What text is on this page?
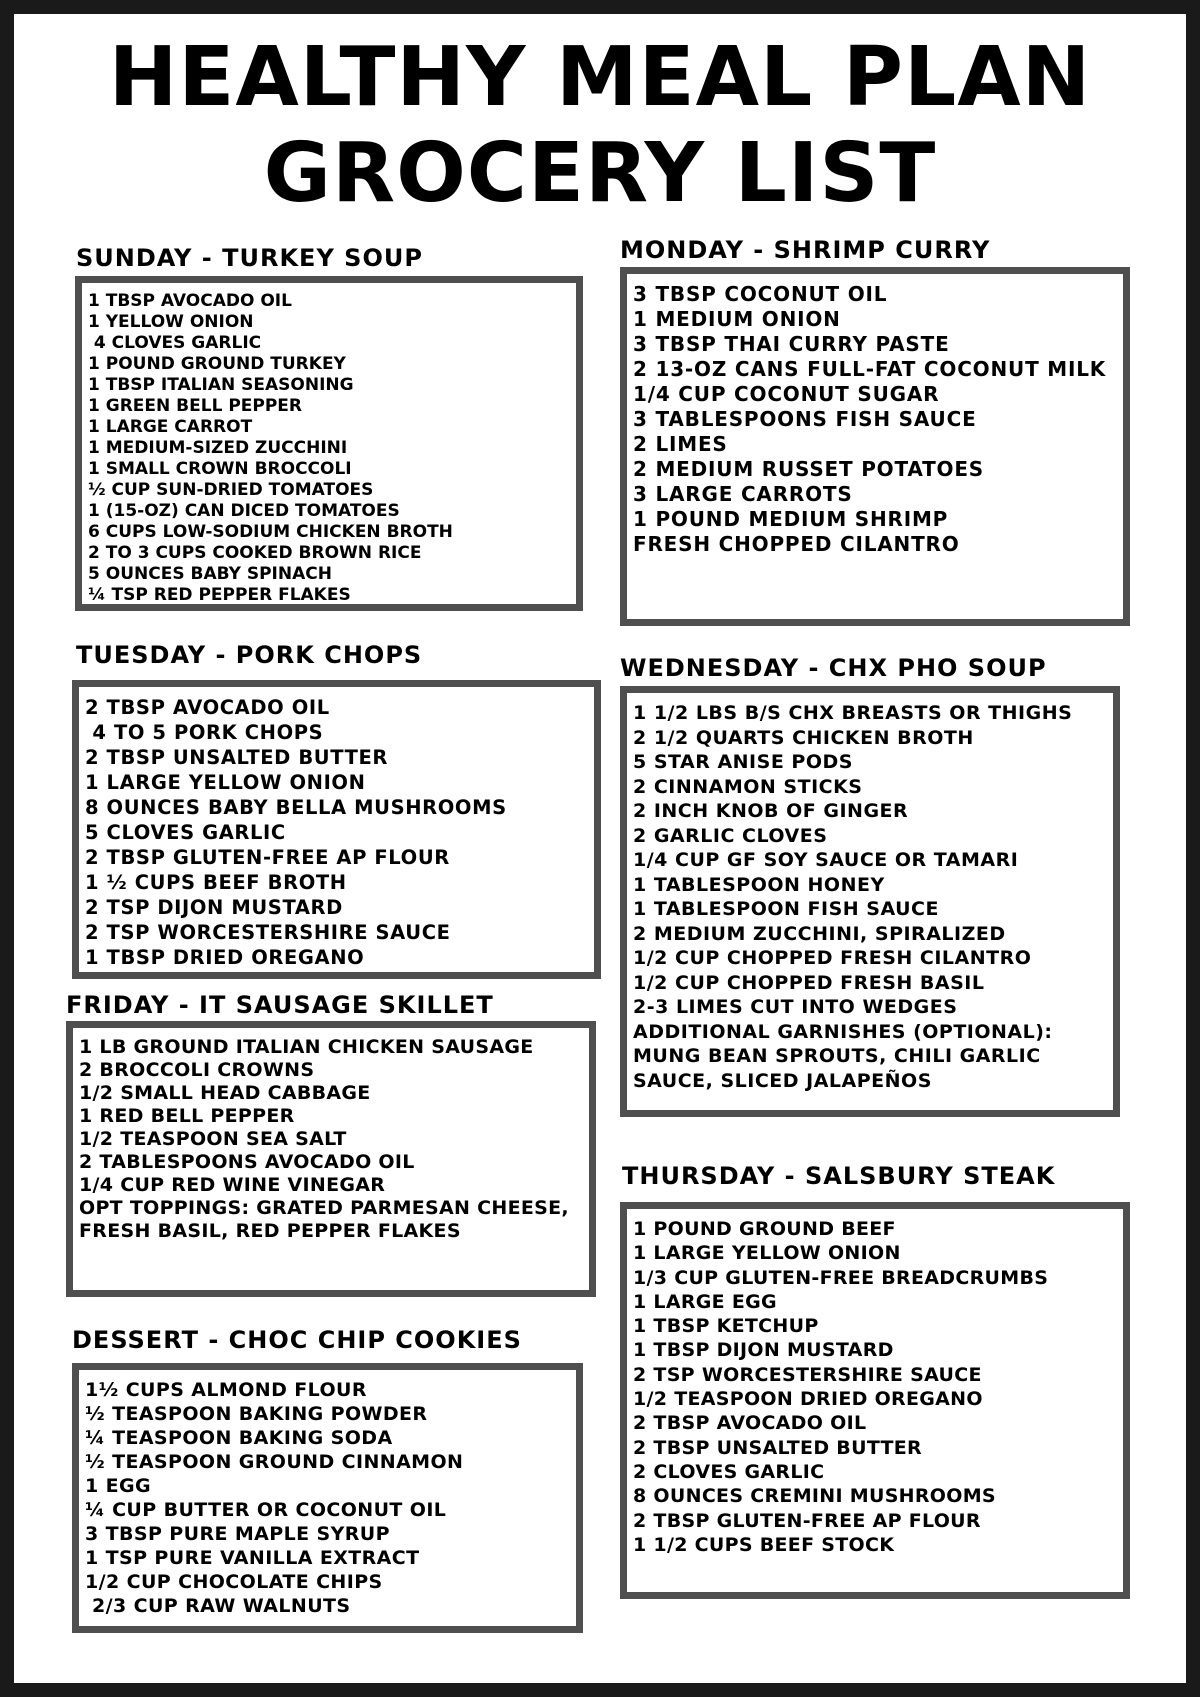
HEALTHY MEAL PLAN
GROCERY LIST
SUNDAY - TURKEY SOUP
1 TBSP AVOCADO OIL
1 YELLOW ONION
4 CLOVES GARLIC
1 POUND GROUND TURKEY
1 TBSP ITALIAN SEASONING
1 GREEN BELL PEPPER
1 LARGE CARROT
1 MEDIUM-SIZED ZUCCHINI
1 SMALL CROWN BROCCOLI
½ CUP SUN-DRIED TOMATOES
1 (15-OZ) CAN DICED TOMATOES
6 CUPS LOW-SODIUM CHICKEN BROTH
2 TO 3 CUPS COOKED BROWN RICE
5 OUNCES BABY SPINACH
¼ TSP RED PEPPER FLAKES
MONDAY - SHRIMP CURRY
3 TBSP COCONUT OIL
1 MEDIUM ONION
3 TBSP THAI CURRY PASTE
2 13-OZ CANS FULL-FAT COCONUT MILK
1/4 CUP COCONUT SUGAR
3 TABLESPOONS FISH SAUCE
2 LIMES
2 MEDIUM RUSSET POTATOES
3 LARGE CARROTS
1 POUND MEDIUM SHRIMP
FRESH CHOPPED CILANTRO
TUESDAY - PORK CHOPS
2 TBSP AVOCADO OIL
4 TO 5 PORK CHOPS
2 TBSP UNSALTED BUTTER
1 LARGE YELLOW ONION
8 OUNCES BABY BELLA MUSHROOMS
5 CLOVES GARLIC
2 TBSP GLUTEN-FREE AP FLOUR
1 ½ CUPS BEEF BROTH
2 TSP DIJON MUSTARD
2 TSP WORCESTERSHIRE SAUCE
1 TBSP DRIED OREGANO
WEDNESDAY - CHX PHO SOUP
1 1/2 LBS B/S CHX BREASTS OR THIGHS
2 1/2 QUARTS CHICKEN BROTH
5 STAR ANISE PODS
2 CINNAMON STICKS
2 INCH KNOB OF GINGER
2 GARLIC CLOVES
1/4 CUP GF SOY SAUCE OR TAMARI
1 TABLESPOON HONEY
1 TABLESPOON FISH SAUCE
2 MEDIUM ZUCCHINI, SPIRALIZED
1/2 CUP CHOPPED FRESH CILANTRO
1/2 CUP CHOPPED FRESH BASIL
2-3 LIMES CUT INTO WEDGES
ADDITIONAL GARNISHES (OPTIONAL): MUNG BEAN SPROUTS, CHILI GARLIC SAUCE, SLICED JALAPEÑOS
FRIDAY - IT SAUSAGE SKILLET
1 LB GROUND ITALIAN CHICKEN SAUSAGE
2 BROCCOLI CROWNS
1/2 SMALL HEAD CABBAGE
1 RED BELL PEPPER
1/2 TEASPOON SEA SALT
2 TABLESPOONS AVOCADO OIL
1/4 CUP RED WINE VINEGAR
OPT TOPPINGS: GRATED PARMESAN CHEESE, FRESH BASIL, RED PEPPER FLAKES
THURSDAY - SALSBURY STEAK
1 POUND GROUND BEEF
1 LARGE YELLOW ONION
1/3 CUP GLUTEN-FREE BREADCRUMBS
1 LARGE EGG
1 TBSP KETCHUP
1 TBSP DIJON MUSTARD
2 TSP WORCESTERSHIRE SAUCE
1/2 TEASPOON DRIED OREGANO
2 TBSP AVOCADO OIL
2 TBSP UNSALTED BUTTER
2 CLOVES GARLIC
8 OUNCES CREMINI MUSHROOMS
2 TBSP GLUTEN-FREE AP FLOUR
1 1/2 CUPS BEEF STOCK
DESSERT - CHOC CHIP COOKIES
1½ CUPS ALMOND FLOUR
½ TEASPOON BAKING POWDER
¼ TEASPOON BAKING SODA
½ TEASPOON GROUND CINNAMON
1 EGG
¼ CUP BUTTER OR COCONUT OIL
3 TBSP PURE MAPLE SYRUP
1 TSP PURE VANILLA EXTRACT
1/2 CUP CHOCOLATE CHIPS
2/3 CUP RAW WALNUTS
